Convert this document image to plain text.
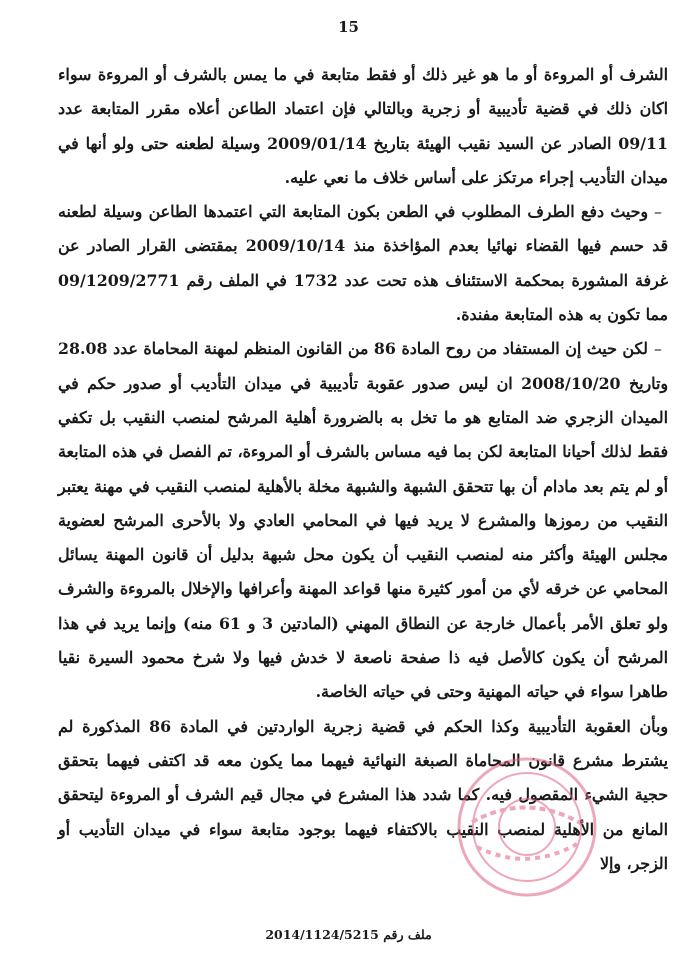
15

الشرف أو المروءة أو ما هو غير ذلك أو فقط متابعة في ما يمس بالشرف أو المروءة سواء اكان ذلك في قضية تأديبية أو زجرية وبالتالي فإن اعتماد الطاعن أعلاه مقرر المتابعة عدد 09/11 الصادر عن السيد نقيب الهيئة بتاريخ 2009/01/14 وسيلة لطعنه حتى ولو أنها في ميدان التأديب إجراء مرتكز على أساس خلاف ما نعي عليه.

–وحيث دفع الطرف المطلوب في الطعن بكون المتابعة التي اعتمدها الطاعن وسيلة لطعنه قد حسم فيها القضاء نهائيا بعدم المؤاخذة منذ 2009/10/14 بمقتضى القرار الصادر عن غرفة المشورة بمحكمة الاستئناف هذه تحت عدد 1732 في الملف رقم 09/1209/2771 مما تكون به هذه المتابعة مفندة.

–لكن حيث إن المستفاد من روح المادة 86 من القانون المنظم لمهنة المحاماة عدد 28.08 وتاريخ 2008/10/20 ان ليس صدور عقوبة تأديبية في ميدان التأديب أو صدور حكم في الميدان الزجري ضد المتابع هو ما تخل به بالضرورة أهلية المرشح لمنصب النقيب بل تكفي فقط لذلك أحيانا المتابعة لكن بما فيه مساس بالشرف أو المروءة، تم الفصل في هذه المتابعة أو لم يتم بعد مادام أن بها تتحقق الشبهة والشبهة مخلة بالأهلية لمنصب النقيب في مهنة يعتبر النقيب من رموزها والمشرع لا يريد فيها في المحامي العادي ولا بالأحرى المرشح لعضوية مجلس الهيئة وأكثر منه لمنصب النقيب أن يكون محل شبهة بدليل أن قانون المهنة يسائل المحامي عن خرقه لأي من أمور كثيرة منها قواعد المهنة وأعرافها والإخلال بالمروءة والشرف ولو تعلق الأمر بأعمال خارجة عن النطاق المهني (المادتين 3 و 61 منه) وإنما يريد في هذا المرشح أن يكون كالأصل فيه ذا صفحة ناصعة لا خدش فيها ولا شرخ محمود السيرة نقيا طاهرا سواء في حياته المهنية وحتى في حياته الخاصة.

وبأن العقوبة التأديبية وكذا الحكم في قضية زجرية الواردتين في المادة 86 المذكورة لم يشترط مشرع قانون المحاماة الصبغة النهائية فيهما مما يكون معه قد اكتفى فيهما بتحقق حجية الشيء المقصول فيه. كما شدد هذا المشرع في مجال قيم الشرف أو المروءة ليتحقق المانع من الأهلية لمنصب النقيب بالاكتفاء فيهما بوجود متابعة سواء في ميدان التأديب أو الزجر، وإلا

ملف رقم 2014/1124/5215
